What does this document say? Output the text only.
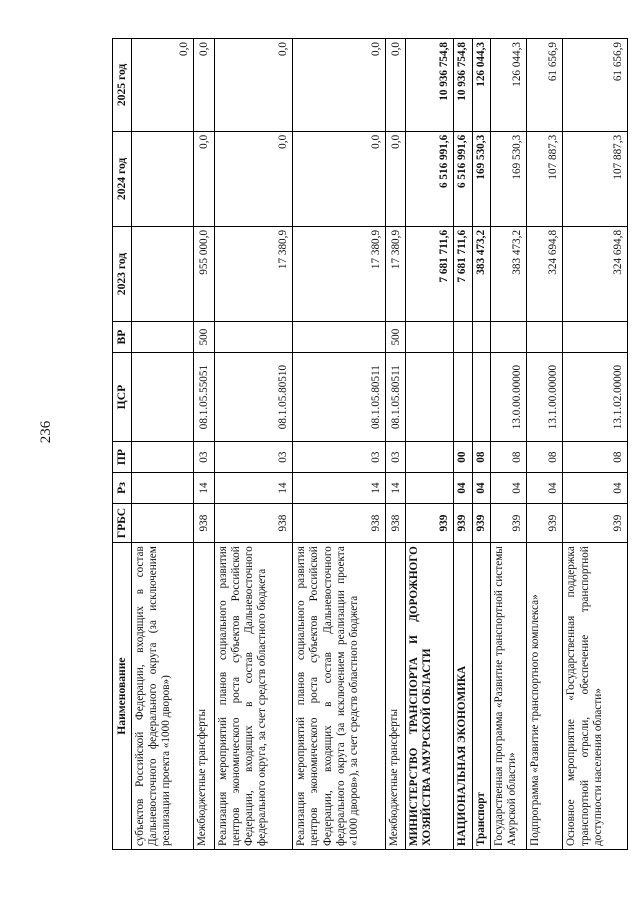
236
Наименование	ГРБС	Рз	ПР	ЦСР	ВР	2023 год	2024 год	2025 год
субъектов Российской Федерации, входящих в состав Дальневосточного федерального округа (за исключением реализации проекта «1000 дворов»)								0,0
Межбюджетные трансферты	938	14	03	08.1.05.55051	500	955 000,0	0,0	0,0
Реализация мероприятий планов социального развития центров экономического роста субъектов Российской Федерации, входящих в состав Дальневосточного федерального округа, за счет средств областного бюджета	938	14	03	08.1.05.80510		17 380,9	0,0	0,0
Реализация мероприятий планов социального развития центров экономического роста субъектов Российской Федерации, входящих в состав Дальневосточного федерального округа (за исключением реализации проекта «1000 дворов»), за счет средств областного бюджета	938	14	03	08.1.05.80511		17 380,9	0,0	0,0
Межбюджетные трансферты	938	14	03	08.1.05.80511	500	17 380,9	0,0	0,0
МИНИСТЕРСТВО ТРАНСПОРТА И ДОРОЖНОГО ХОЗЯЙСТВА АМУРСКОЙ ОБЛАСТИ	939					7 681 711,6	6 516 991,6	10 936 754,8
НАЦИОНАЛЬНАЯ ЭКОНОМИКА	939	04	00			7 681 711,6	6 516 991,6	10 936 754,8
Транспорт	939	04	08			383 473,2	169 530,3	126 044,3
Государственная программа «Развитие транспортной системы Амурской области»	939	04	08	13.0.00.00000		383 473,2	169 530,3	126 044,3
Подпрограмма «Развитие транспортного комплекса»	939	04	08	13.1.00.00000		324 694,8	107 887,3	61 656,9
Основное мероприятие «Государственная поддержка транспортной отрасли, обеспечение транспортной доступности населения области»	939	04	08	13.1.02.00000		324 694,8	107 887,3	61 656,9
